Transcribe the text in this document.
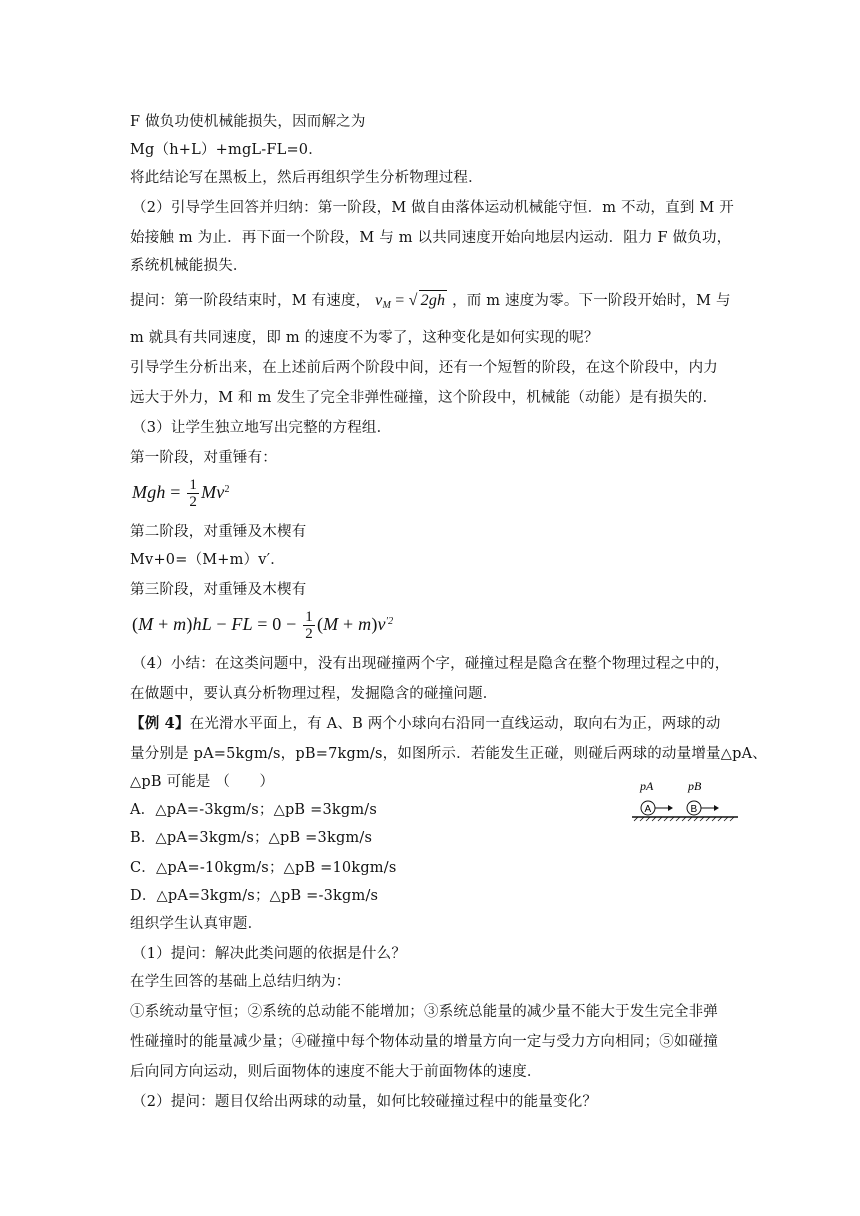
F 做负功使机械能损失，因而解之为
Mg（h+L）+mgL-FL=0．
将此结论写在黑板上，然后再组织学生分析物理过程．
（2）引导学生回答并归纳：第一阶段，M 做自由落体运动机械能守恒．m 不动，直到 M 开
始接触 m 为止．再下面一个阶段，M 与 m 以共同速度开始向地层内运动．阻力 F 做负功，
系统机械能损失．
提问：第一阶段结束时，M 有速度， $v_M$ = √ 2gh ，而 m 速度为零。下一阶段开始时，M 与
m 就具有共同速度，即 m 的速度不为零了，这种变化是如何实现的呢？
引导学生分析出来，在上述前后两个阶段中间，还有一个短暂的阶段，在这个阶段中，内力
远大于外力，M 和 m 发生了完全非弹性碰撞，这个阶段中，机械能（动能）是有损失的．
（3）让学生独立地写出完整的方程组．
第一阶段，对重锤有：
Mgh = $\frac{1}{2} Mv^2$
第二阶段，对重锤及木楔有
Mv+0=（M+m）v′．
第三阶段，对重锤及木楔有
(M + m)hL − FL = $0 - \frac{1}{2} (M + m)v^{'2}$
（4）小结：在这类问题中，没有出现碰撞两个字，碰撞过程是隐含在整个物理过程之中的，
在做题中，要认真分析物理过程，发掘隐含的碰撞问题．
【例 4】在光滑水平面上，有 A、B 两个小球向右沿同一直线运动，取向右为正，两球的动
量分别是 pA=5kgm/s，pB=7kgm/s，如图所示．若能发生正碰，则碰后两球的动量增量△pA、
△pB 可能是 （　　）
A．△pA=-3kgm/s；△pB =3kgm/s
B．△pA=3kgm/s；△pB =3kgm/s
C．△pA=-10kgm/s；△pB =10kgm/s
D．△pA=3kgm/s；△pB =-3kgm/s
pA	pB
A	B
组织学生认真审题．
（1）提问：解决此类问题的依据是什么？
在学生回答的基础上总结归纳为：
①系统动量守恒；②系统的总动能不能增加；③系统总能量的减少量不能大于发生完全非弹
性碰撞时的能量减少量；④碰撞中每个物体动量的增量方向一定与受力方向相同；⑤如碰撞
后向同方向运动，则后面物体的速度不能大于前面物体的速度．
（2）提问：题目仅给出两球的动量，如何比较碰撞过程中的能量变化？
